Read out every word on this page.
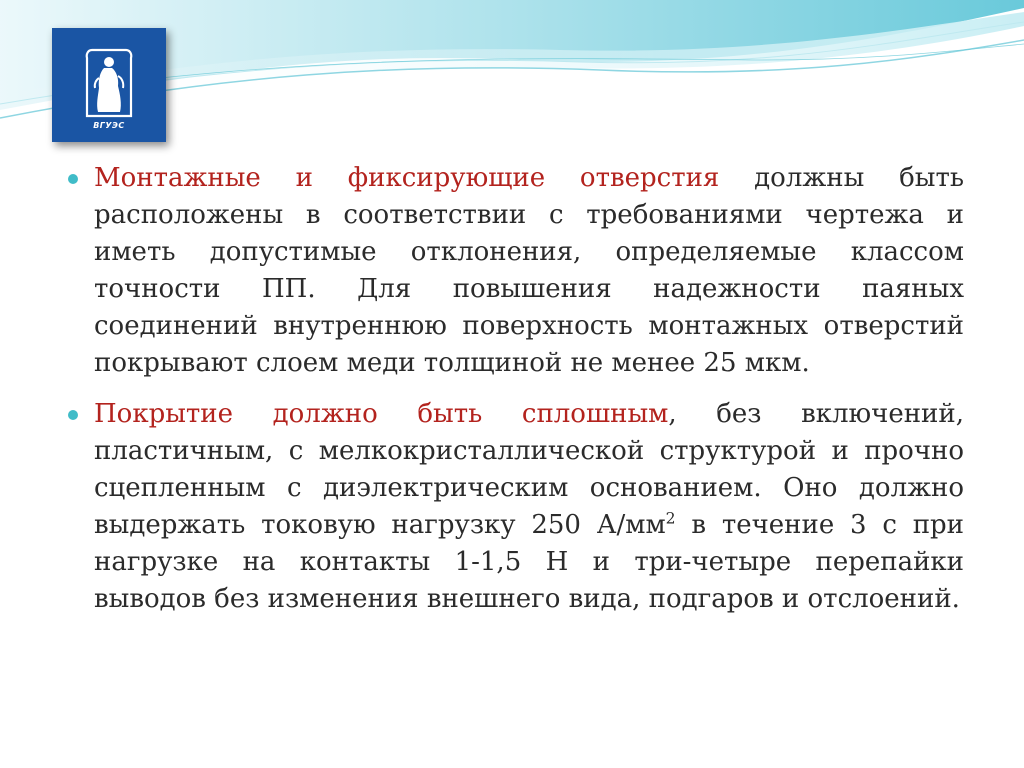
ВГУЭС
Монтажные и фиксирующие отверстия должны быть расположены в соответствии с требованиями чертежа и иметь допустимые отклонения, определяемые классом точности ПП. Для повышения надежности паяных соединений внутреннюю поверхность монтажных отверстий покрывают слоем меди толщиной не менее 25 мкм.
Покрытие должно быть сплошным, без включений, пластичным, с мелкокристаллической структурой и прочно сцепленным с диэлектрическим основанием. Оно должно выдержать токовую нагрузку 250 $А/мм^2$ в течение 3 с при нагрузке на контакты 1-1,5 Н и три-четыре перепайки выводов без изменения внешнего вида, подгаров и отслоений.
